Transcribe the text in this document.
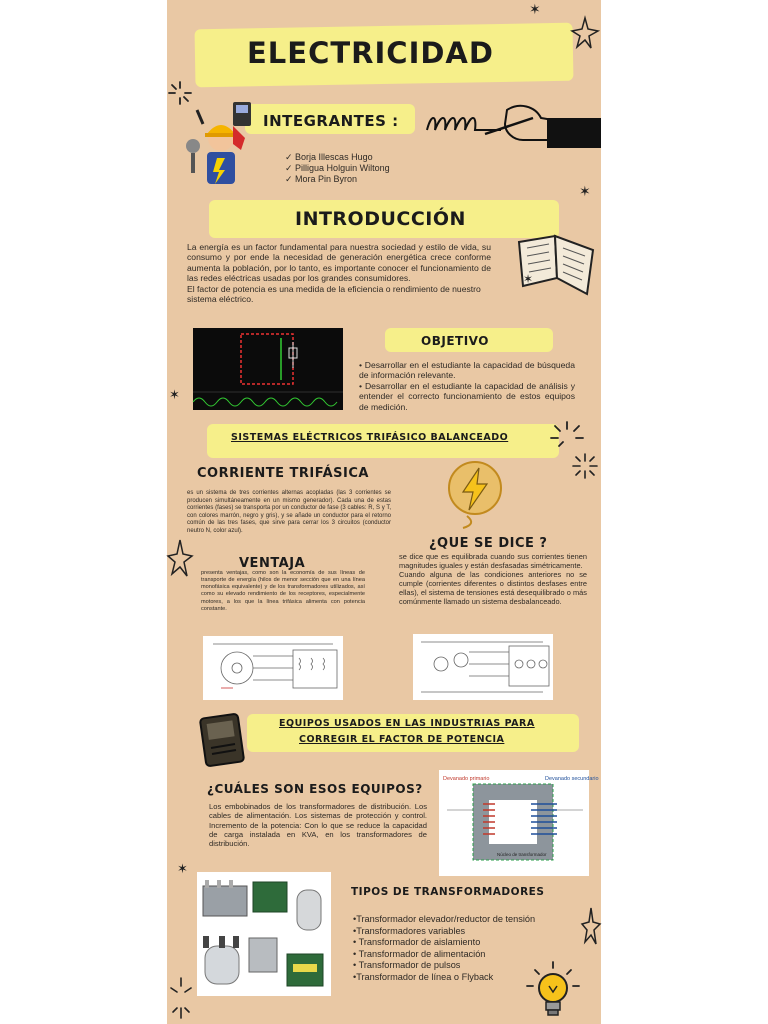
ELECTRICIDAD
✶
INTEGRANTES :
✓ Borja Illescas Hugo
✓ Pilligua Holguin Wiltong
✓ Mora Pin Byron
✶
INTRODUCCIÓN
La energía es un factor fundamental para nuestra sociedad y estilo de vida, su consumo y por ende la necesidad de generación energética crece conforme aumenta la población, por lo tanto, es importante conocer el funcionamiento de las redes eléctricas usadas por los grandes consumidores.
El factor de potencia es una medida de la eficiencia o rendimiento de nuestro sistema eléctrico.
✶
OBJETIVO
• Desarrollar en el estudiante la capacidad de búsqueda de información relevante.
• Desarrollar en el estudiante la capacidad de análisis y entender el correcto funcionamiento de estos equipos de medición.
✶
SISTEMAS ELÉCTRICOS TRIFÁSICO BALANCEADO
CORRIENTE TRIFÁSICA
es un sistema de tres corrientes alternas acopladas (las 3 corrientes se producen simultáneamente en un mismo generador). Cada una de estas corrientes (fases) se transporta por un conductor de fase (3 cables: R, S y T, con colores marrón, negro y gris), y se añade un conductor para el retorno común de las tres fases, que sirve para cerrar los 3 circuitos (conductor neutro N, color azul).
¿QUE SE DICE ?
se dice que es equilibrada cuando sus corrientes tienen magnitudes iguales y están desfasadas simétricamente.
Cuando alguna de las condiciones anteriores no se cumple (corrientes diferentes o distintos desfases entre ellas), el sistema de tensiones está desequilibrado o más comúnmente llamado un sistema desbalanceado.
VENTAJA
presenta ventajas, como son la economía de sus líneas de transporte de energía (hilos de menor sección que en una línea monofásica equivalente) y de los transformadores utilizados, así como su elevado rendimiento de los receptores, especialmente motores, a los que la línea trifásica alimenta con potencia constante.
EQUIPOS USADOS EN LAS INDUSTRIAS PARA
CORREGIR EL FACTOR DE POTENCIA
¿CUÁLES SON ESOS EQUIPOS?
Los embobinados de los transformadores de distribución. Los cables de alimentación. Los sistemas de protección y control. Incremento de la potencia: Con lo que se reduce la capacidad de carga instalada en KVA, en los transformadores de distribución.
Devanado primario	Devanado secundario
Núcleo de transformador
✶
TIPOS DE TRANSFORMADORES
•Transformador elevador/reductor de tensión
•Transformadores variables
• Transformador de aislamiento
• Transformador de alimentación
• Transformador de pulsos
•Transformador de línea o Flyback
